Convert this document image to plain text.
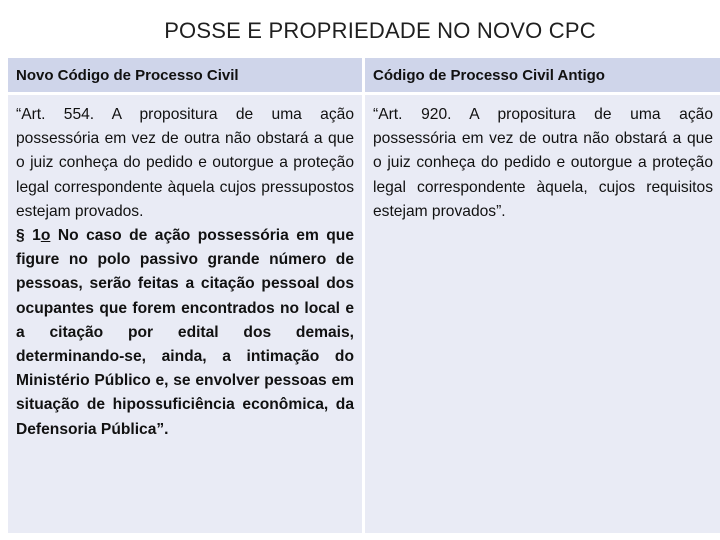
POSSE E PROPRIEDADE NO NOVO CPC
Novo Código de Processo Civil	Código de Processo Civil Antigo

“Art. 554. A propositura de uma ação possessória em vez de outra não obstará a que o juiz conheça do pedido e outorgue a proteção legal correspondente àquela cujos pressupostos estejam provados.

§ 1o No caso de ação possessória em que figure no polo passivo grande número de pessoas, serão feitas a citação pessoal dos ocupantes que forem encontrados no local e a citação por edital dos demais, determinando-se, ainda, a intimação do Ministério Público e, se envolver pessoas em situação de hipossuficiência econômica, da Defensoria Pública”.

“Art. 920. A propositura de uma ação possessória em vez de outra não obstará a que o juiz conheça do pedido e outorgue a proteção legal correspondente àquela, cujos requisitos estejam provados”.
